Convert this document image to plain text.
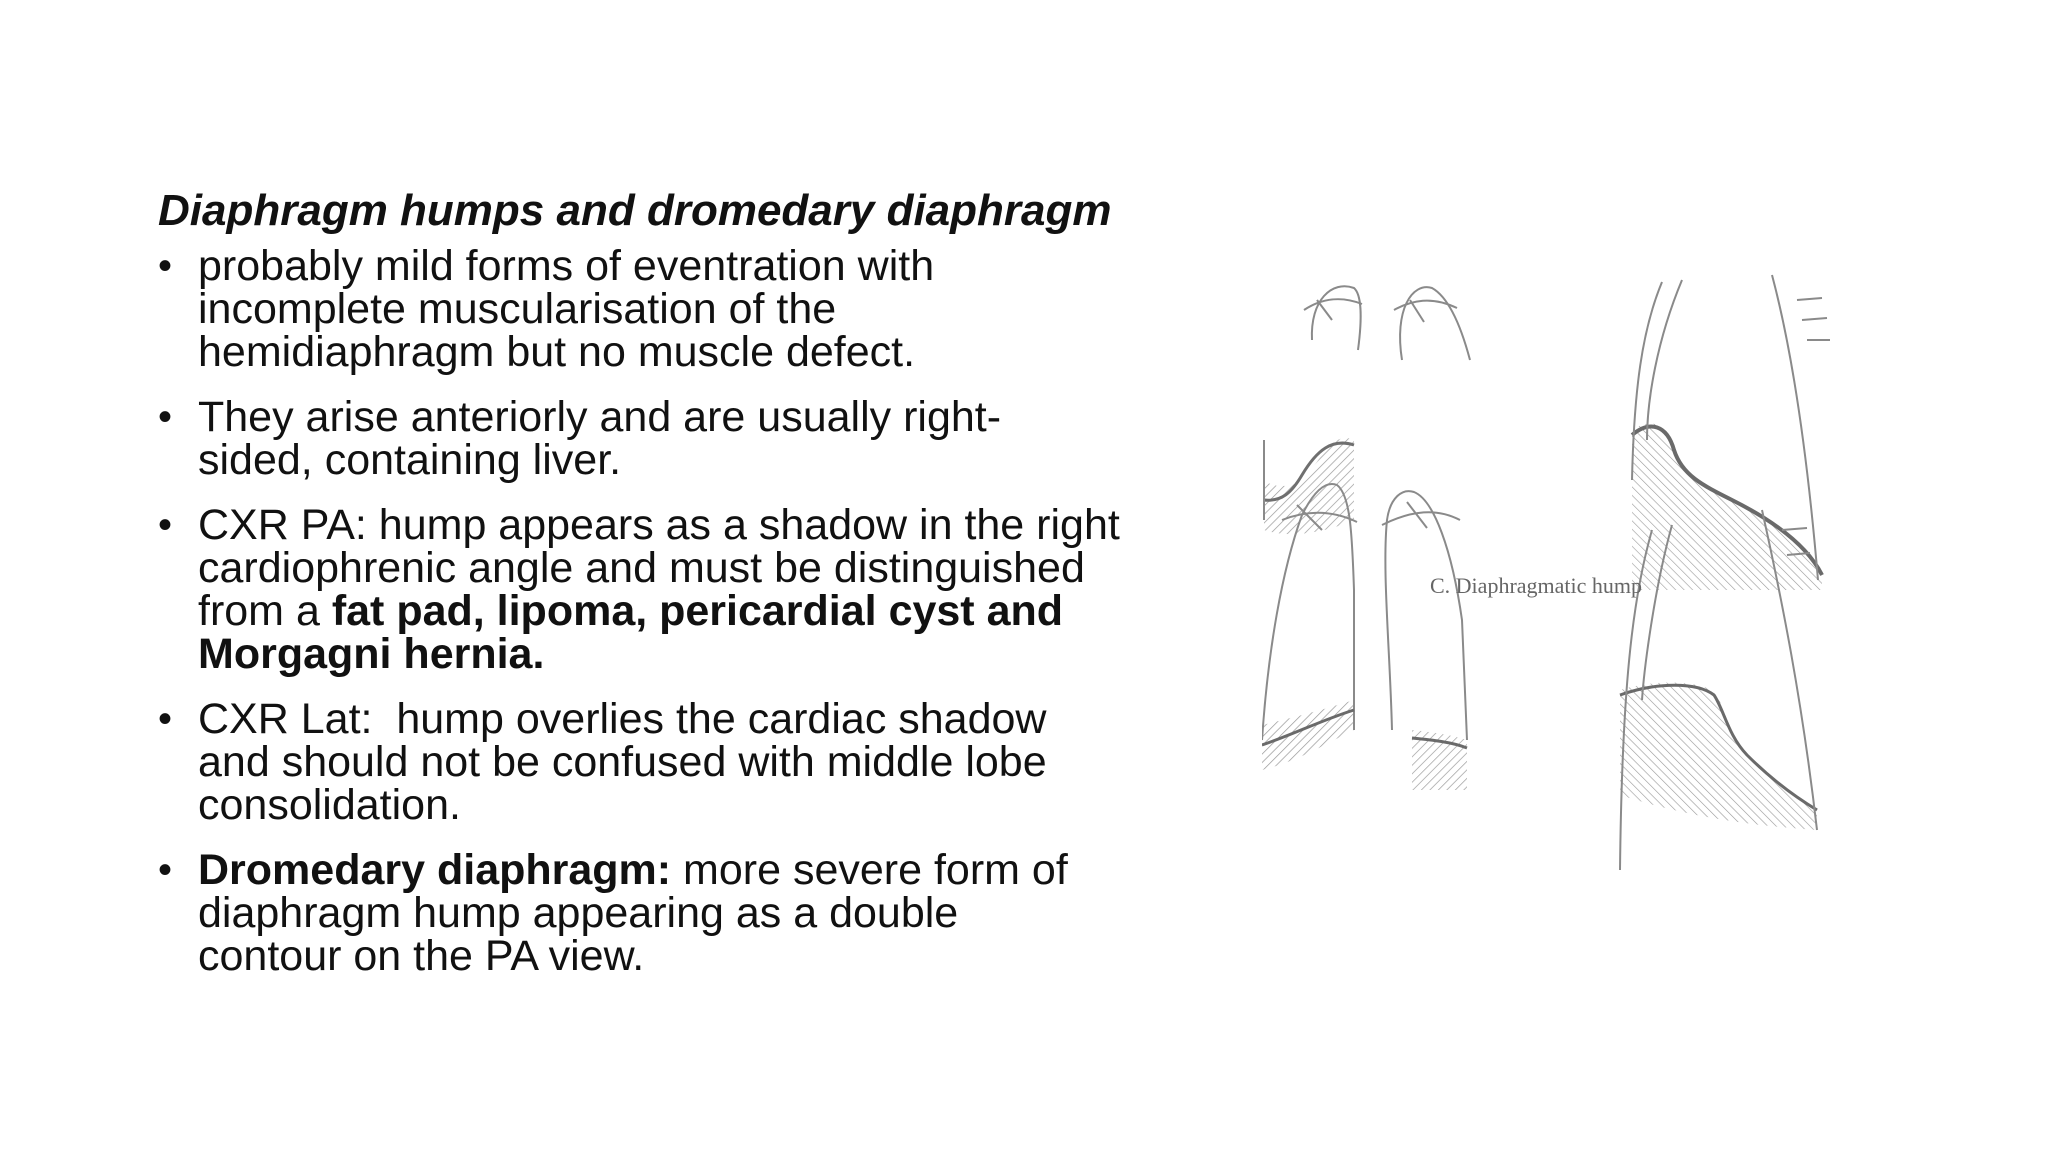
Diaphragm humps and dromedary diaphragm
• probably mild forms of eventration with
incomplete muscularisation of the
hemidiaphragm but no muscle defect.
• They arise anteriorly and are usually right-
sided, containing liver.
• CXR PA: hump appears as a shadow in the right
cardiophrenic angle and must be distinguished
from a fat pad, lipoma, pericardial cyst and
Morgagni hernia.
• CXR Lat:  hump overlies the cardiac shadow
and should not be confused with middle lobe
consolidation.
• Dromedary diaphragm: more severe form of
diaphragm hump appearing as a double
contour on the PA view.
C. Diaphragmatic hump
